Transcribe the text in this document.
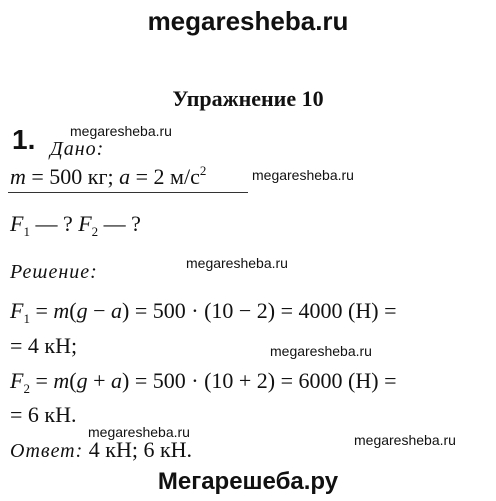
megaresheba.ru
Упражнение 10
1. megaresheba.ru
Дано:
m = 500 кг; a = 2 $м/с^2$	megaresheba.ru
$F_1$ — ? $F_2$ — ?
Решение:	megaresheba.ru
$F_1 = m(g - a) = 500 \cdot (10 - 2) = 4000$ (Н) =
= 4 кН;	megaresheba.ru
$F_2 = m(g + a) = 500 \cdot (10 + 2) = 6000$ (Н) =
= 6 кН.
megaresheba.ru
Ответ: 4 кН; 6 кН.	megaresheba.ru
Мегарешеба.ру
